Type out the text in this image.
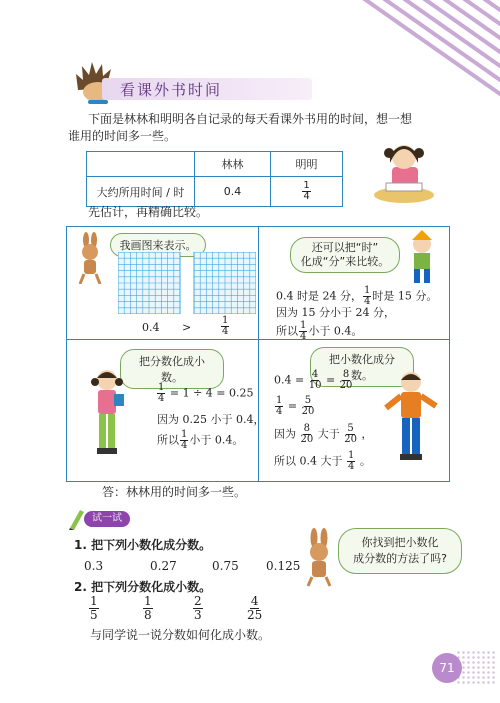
看课外书时间
下面是林林和明明各自记录的每天看课外书用的时间，想一想
谁用的时间多一些。
	林林	明明
大约所用时间 / 时	0.4	$\frac{1}{4}$
先估计，再精确比较。
我画图来表示。
0.4 >	$\frac{1}{4}$
还可以把“时”
化成“分”来比较。
0.4 时是 24 分， $\frac{1}{4}$ 时是 15 分。
因为 15 分小于 24 分，
所以 $\frac{1}{4}$ 小于 0.4。
把分数化成小数。
$\frac{1}{4} = 1 \div 4 = 0.25$
因为 0.25 小于 0.4，
所以 $\frac{1}{4}$ 小于 0.4。
把小数化成分数。
$0.4 = \frac{4}{10} = \frac{8}{20}$
$\frac{1}{4} = \frac{5}{20}$
因为 $\frac{8}{20}$ 大于 $\frac{5}{20}$ ，
所以 0.4 大于 $\frac{1}{4}$ 。
答：林林用的时间多一些。
试一试
1. 把下列小数化成分数。
0.3	0.27	0.75 0.125
2. 把下列分数化成小数。
$\frac{1}{5}$	$\frac{1}{8}$	$\frac{2}{3}$	$\frac{4}{25}$
与同学说一说分数如何化成小数。
你找到把小数化
成分数的方法了吗?
71
